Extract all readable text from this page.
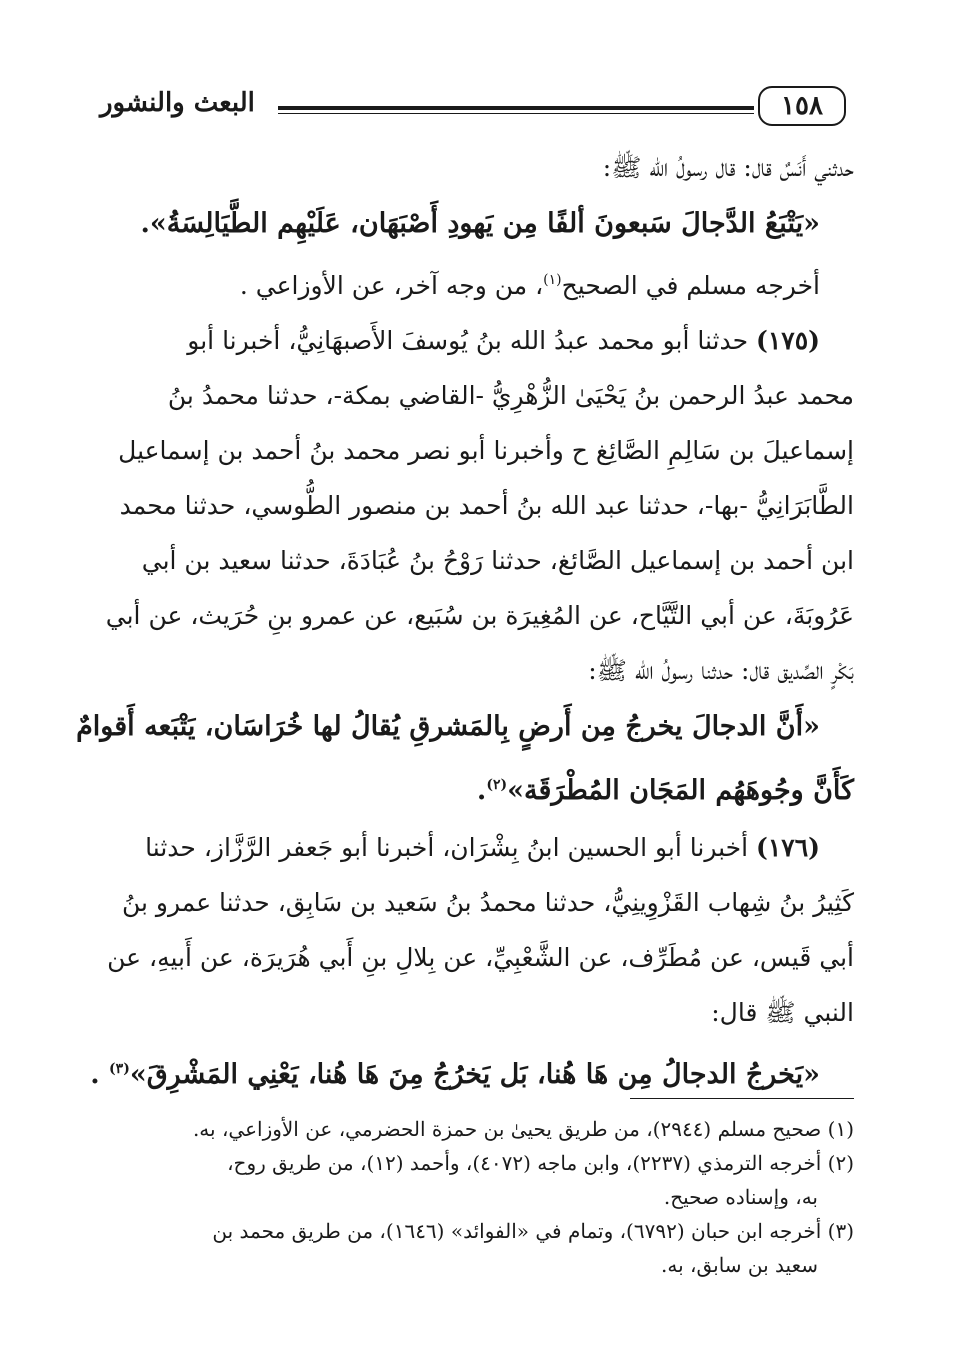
البعث والنشور	١٥٨

حدثني أَنَسٌ قال: قال رسولُ الله ﷺ:

«يَتْبَعُ الدَّجالَ سَبعونَ ألفًا مِن يَهودِ أَصْبَهَان، عَلَيْهِم الطَّيَالِسَةُ».

أخرجه مسلم في الصحيح$^{(١)}$، من وجه آخر، عن الأوزاعي .

(١٧٥) حدثنا أبو محمد عبدُ الله بنُ يُوسفَ الأَصبهَانِيُّ، أخبرنا أبو

محمد عبدُ الرحمن بنُ يَحْيَىٰ الزُّهْرِيُّ -القاضي بمكة-، حدثنا محمدُ بنُ

إسماعيلَ بن سَالِمِ الصَّائِغ ح وأخبرنا أبو نصر محمد بنُ أحمد بن إسماعيل

الطَّابَرَانِيُّ -بها-، حدثنا عبد الله بنُ أحمد بن منصور الطُّوسي، حدثنا محمد

ابن أحمد بن إسماعيل الصَّائغ، حدثنا رَوْحُ بنُ عُبَادَةَ، حدثنا سعيد بن أبي

عَرُوبَةَ، عن أبي التَّيَّاح، عن المُغِيرَة بن سُبَيع، عن عمرو بنِ حُرَيث، عن أبي

بَكْرٍ الصِّديق قال: حدثنا رسولُ الله ﷺ:

«أَنَّ الدجالَ يخرجُ مِن أَرضٍ بِالمَشرقِ يُقالُ لها خُرَاسَان، يَتْبَعه أَقوامٌ

كَأَنَّ وجُوهَهُم المَجَان المُطْرَقَة»$^{(٢)}$.

(١٧٦) أخبرنا أبو الحسين ابنُ بِشْرَان، أخبرنا أبو جَعفر الرَّزَّاز، حدثنا

كَثِيرُ بنُ شِهاب القَزْوِينِيُّ، حدثنا محمدُ بنُ سَعيد بن سَابِق، حدثنا عمرو بنُ

أبي قَيس، عن مُطَرِّف، عن الشَّعْبِيِّ، عن بِلالِ بنِ أَبي هُرَيرَة، عن أَبيهِ، عن

النبي ﷺ قال:

«يَخرجُ الدجالُ مِن هَا هُنا، بَل يَخرُجُ مِنَ هَا هُنا، يَعْنِي المَشْرِقَ»$^{(٣)}$ .

(١) صحيح مسلم (٢٩٤٤)، من طريق يحيىٰ بن حمزة الحضرمي، عن الأوزاعي، به.

(٢) أخرجه الترمذي (٢٢٣٧)، وابن ماجه (٤٠٧٢)، وأحمد (١٢)، من طريق روح،

به، وإسناده صحيح.

(٣) أخرجه ابن حبان (٦٧٩٢)، وتمام في «الفوائد» (١٦٤٦)، من طريق محمد بن

سعيد بن سابق، به.
